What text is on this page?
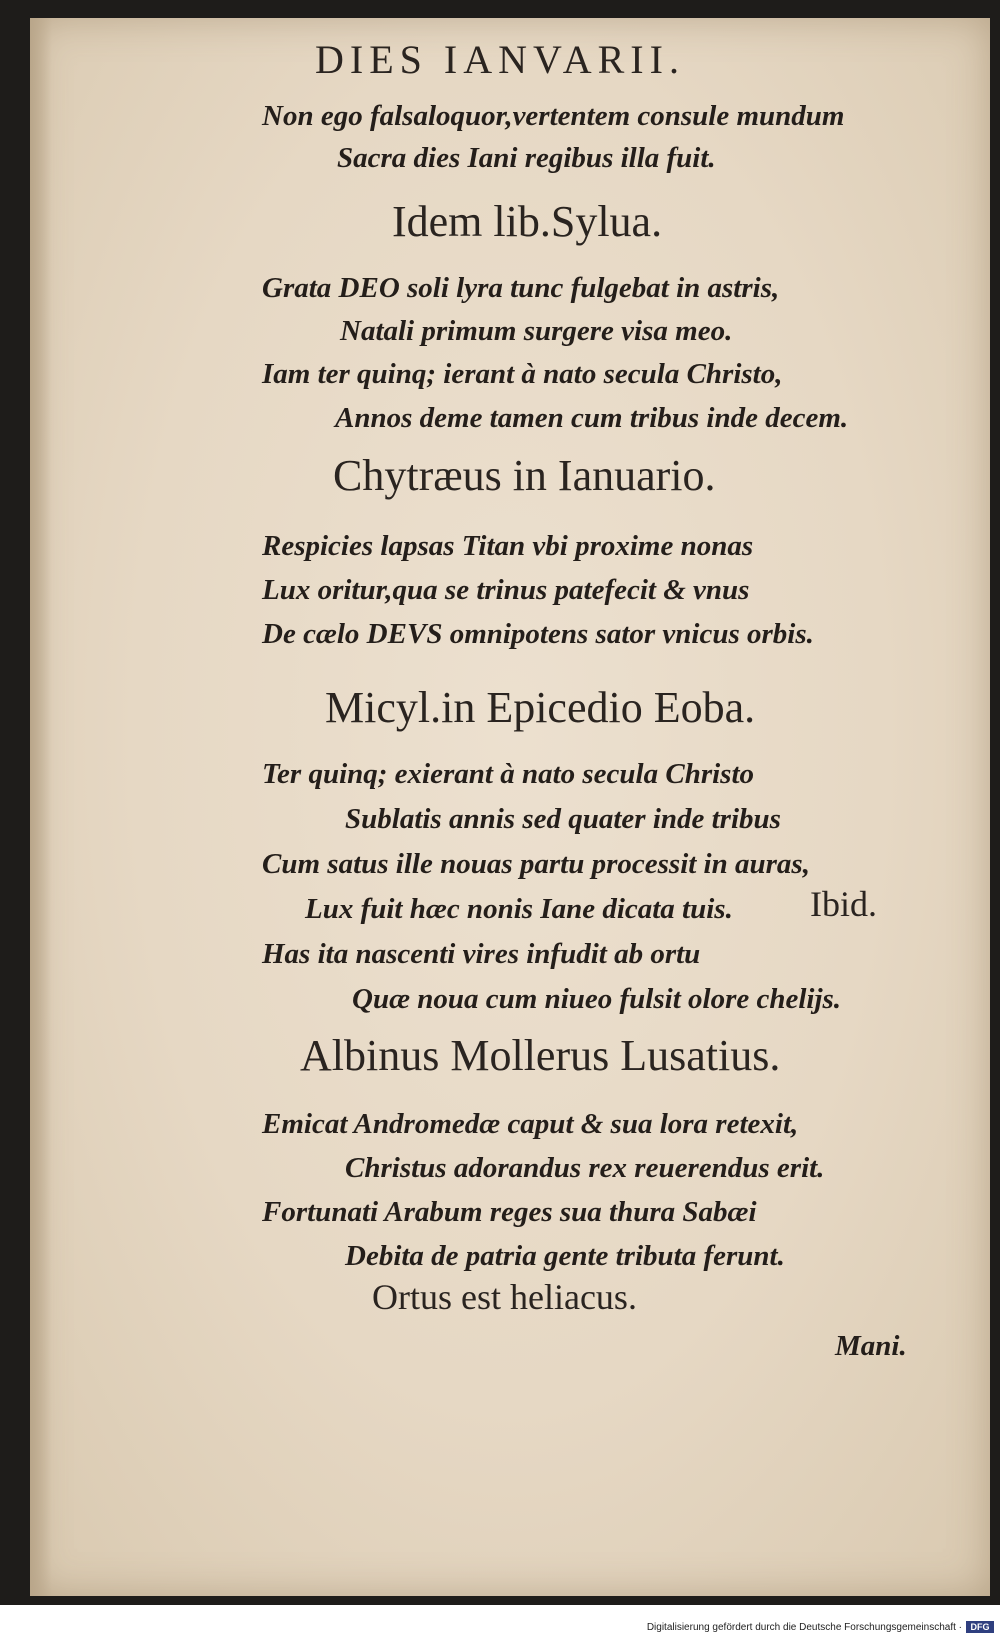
DIES IANVARII.
Non ego falsaloquor,vertentem consule mundum
Sacra dies Iani regibus illa fuit.
Idem lib.Sylua.
Grata DEO soli lyra tunc fulgebat in astris,
Natali primum surgere visa meo.
Iam ter quinq; ierant à nato secula Christo,
Annos deme tamen cum tribus inde decem.
Chytræus in Ianuario.
Respicies lapsas Titan vbi proxime nonas
Lux oritur,qua se trinus patefecit & vnus
De cælo DEVS omnipotens sator vnicus orbis.
Micyl.in Epicedio Eoba.
Ter quinq; exierant à nato secula Christo
Sublatis annis sed quater inde tribus
Cum satus ille nouas partu processit in auras,
Lux fuit hæc nonis Iane dicata tuis. Ibid.
Has ita nascenti vires infudit ab ortu
Quæ noua cum niueo fulsit olore chelijs.
Albinus Mollerus Lusatius.
Emicat Andromedæ caput & sua lora retexit,
Christus adorandus rex reuerendus erit.
Fortunati Arabum reges sua thura Sabæi
Debita de patria gente tributa ferunt.
Ortus est heliacus.
Mani.
Digitalisierung gefördert durch die Deutsche Forschungsgemeinschaft · DFG
